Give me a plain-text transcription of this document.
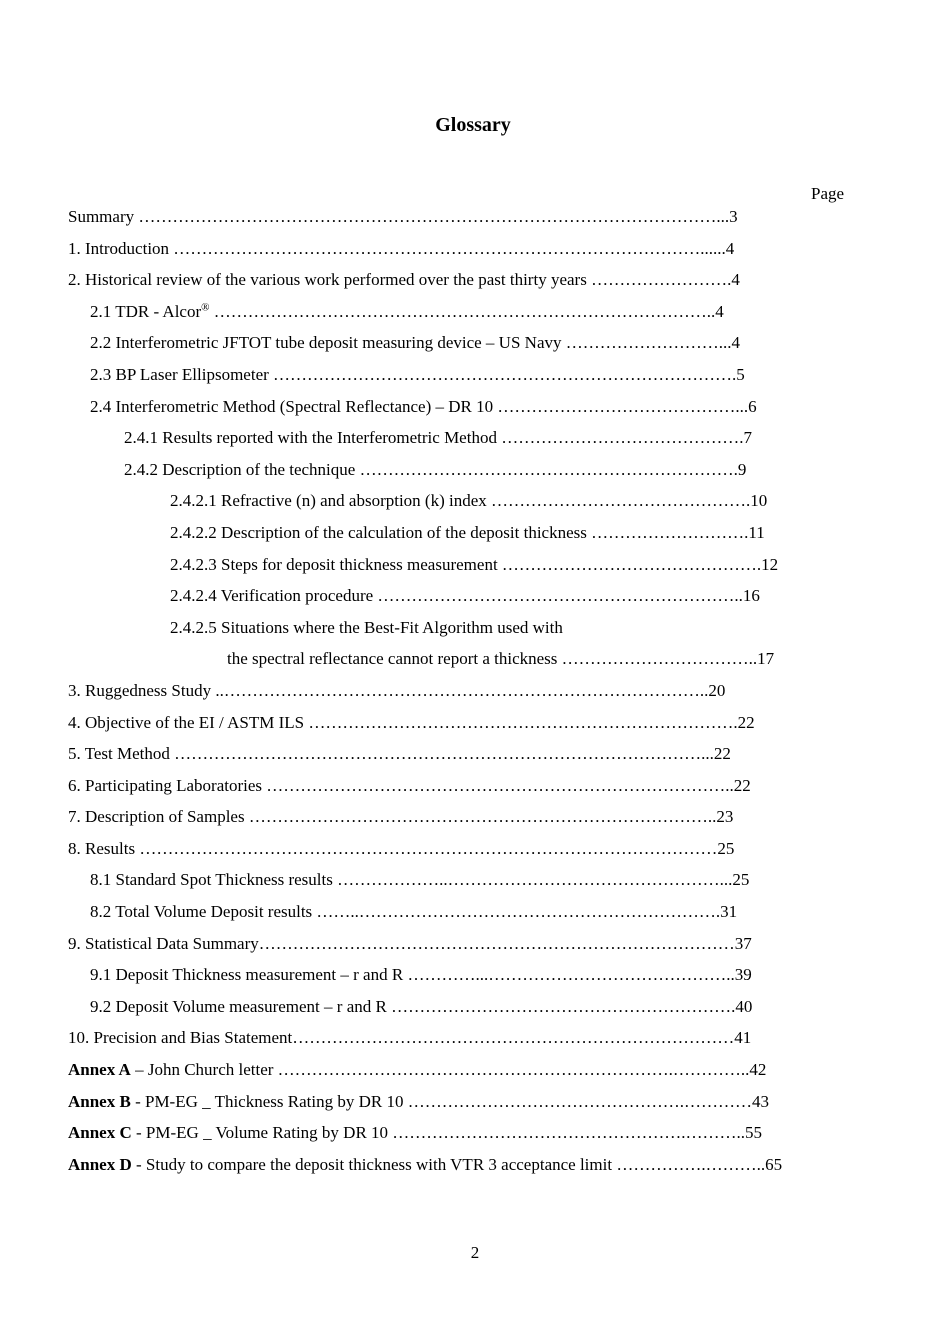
Glossary
Page
Summary …………………………………………………………………………………………...3
1. Introduction …………………………………………………………………………………......4
2. Historical review of the various work performed over the past thirty years …………………….4
2.1 TDR - Alcor® ……………………………………………………………………………..4
2.2 Interferometric JFTOT tube deposit measuring device – US Navy ………………………...4
2.3 BP Laser Ellipsometer ……………………………………………………………………….5
2.4 Interferometric Method (Spectral Reflectance) – DR 10 ……………………………………...6
2.4.1 Results reported with the Interferometric Method …………………………………….7
2.4.2 Description of the technique ………………………………………………………….9
2.4.2.1 Refractive (n) and absorption (k) index ……………………………………….10
2.4.2.2 Description of the calculation of the deposit thickness ……………………….11
2.4.2.3 Steps for deposit thickness measurement ……………………………………….12
2.4.2.4 Verification procedure ………………………………………………………..16
2.4.2.5 Situations where the Best-Fit Algorithm used with
the spectral reflectance cannot report a thickness ……………………………..17
3. Ruggedness Study ..…………………………………………………………………………..20
4. Objective of the EI / ASTM ILS ………………………………………………………………….22
5. Test Method …………………………………………………………………………………...22
6. Participating Laboratories ………………………………………………………………………..22
7. Description of Samples ………………………………………………………………………..23
8. Results …………………………………………………………………………………………25
8.1 Standard Spot Thickness results ………………..…………………………………………...25
8.2 Total Volume Deposit results ……..……………………………………………………….31
9. Statistical Data Summary…………………………………………………………………………37
9.1 Deposit Thickness measurement – r and R …………...……………………………………..39
9.2 Deposit Volume measurement – r and R …………………………………………………….40
10. Precision and Bias Statement……………………………………………………………………41
Annex A – John Church letter …………………………………………………………….…………..42
Annex B - PM-EG _ Thickness Rating by DR 10 ………………………………………….…………43
Annex C - PM-EG _ Volume Rating by DR 10 …………………………………………….………..55
Annex D - Study to compare the deposit thickness with VTR 3 acceptance limit …………….………..65
2
